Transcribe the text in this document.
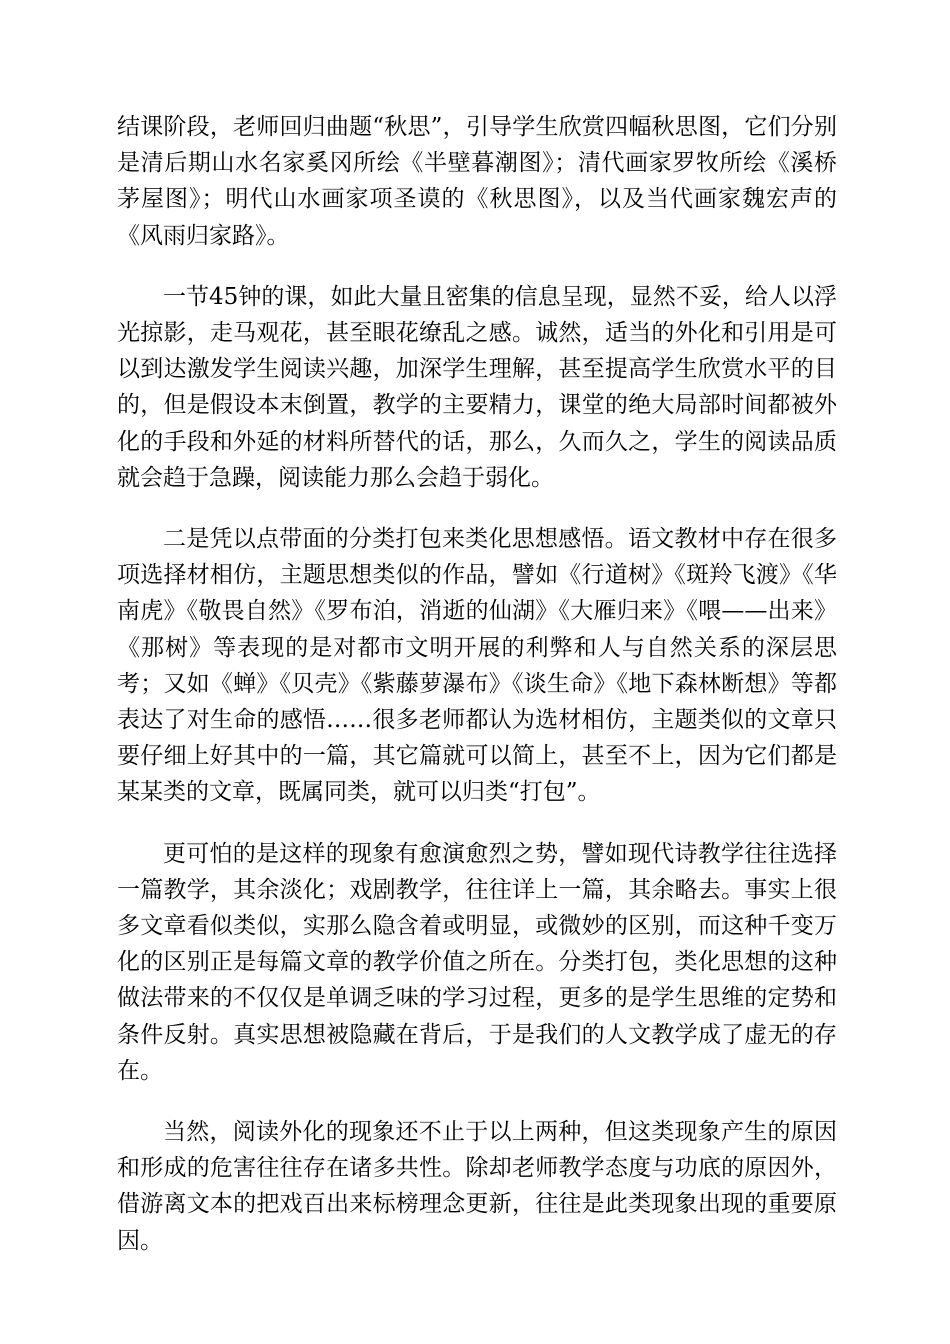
结课阶段，老师回归曲题“秋思”，引导学生欣赏四幅秋思图，它们分别是清后期山水名家奚冈所绘《半壁暮潮图》；清代画家罗牧所绘《溪桥茅屋图》；明代山水画家项圣谟的《秋思图》，以及当代画家魏宏声的《风雨归家路》。

一节45钟的课，如此大量且密集的信息呈现，显然不妥，给人以浮光掠影，走马观花，甚至眼花缭乱之感。诚然，适当的外化和引用是可以到达激发学生阅读兴趣，加深学生理解，甚至提高学生欣赏水平的目的，但是假设本末倒置，教学的主要精力，课堂的绝大局部时间都被外化的手段和外延的材料所替代的话，那么，久而久之，学生的阅读品质就会趋于急躁，阅读能力那么会趋于弱化。

二是凭以点带面的分类打包来类化思想感悟。语文教材中存在很多项选择材相仿，主题思想类似的作品，譬如《行道树》《斑羚飞渡》《华南虎》《敬畏自然》《罗布泊，消逝的仙湖》《大雁归来》《喂——出来》《那树》等表现的是对都市文明开展的利弊和人与自然关系的深层思考；又如《蝉》《贝壳》《紫藤萝瀑布》《谈生命》《地下森林断想》等都表达了对生命的感悟……很多老师都认为选材相仿，主题类似的文章只要仔细上好其中的一篇，其它篇就可以简上，甚至不上，因为它们都是某某类的文章，既属同类，就可以归类“打包”。

更可怕的是这样的现象有愈演愈烈之势，譬如现代诗教学往往选择一篇教学，其余淡化；戏剧教学，往往详上一篇，其余略去。事实上很多文章看似类似，实那么隐含着或明显，或微妙的区别，而这种千变万化的区别正是每篇文章的教学价值之所在。分类打包，类化思想的这种做法带来的不仅仅是单调乏味的学习过程，更多的是学生思维的定势和条件反射。真实思想被隐藏在背后，于是我们的人文教学成了虚无的存在。

当然，阅读外化的现象还不止于以上两种，但这类现象产生的原因和形成的危害往往存在诸多共性。除却老师教学态度与功底的原因外，借游离文本的把戏百出来标榜理念更新，往往是此类现象出现的重要原因。
